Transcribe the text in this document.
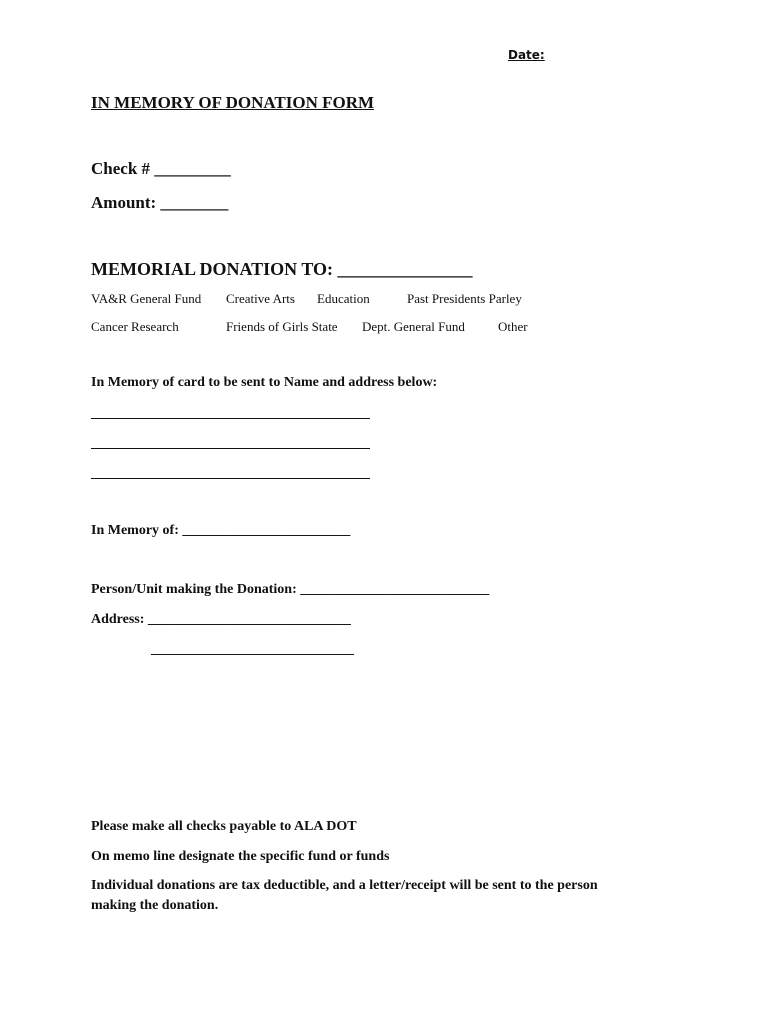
Date:
IN MEMORY OF DONATION FORM
Check # _________
Amount: ________
MEMORIAL DONATION TO: _______________
VA&R General Fund Creative Arts Education	Past Presidents Parley
Cancer Research	Friends of Girls State Dept. General Fund	Other
In Memory of card to be sent to Name and address below:
In Memory of: ________________________
Person/Unit making the Donation: ___________________________
Address: _____________________________
_____________________________
Please make all checks payable to ALA DOT
On memo line designate the specific fund or funds
Individual donations are tax deductible, and a letter/receipt will be sent to the person
making the donation.
